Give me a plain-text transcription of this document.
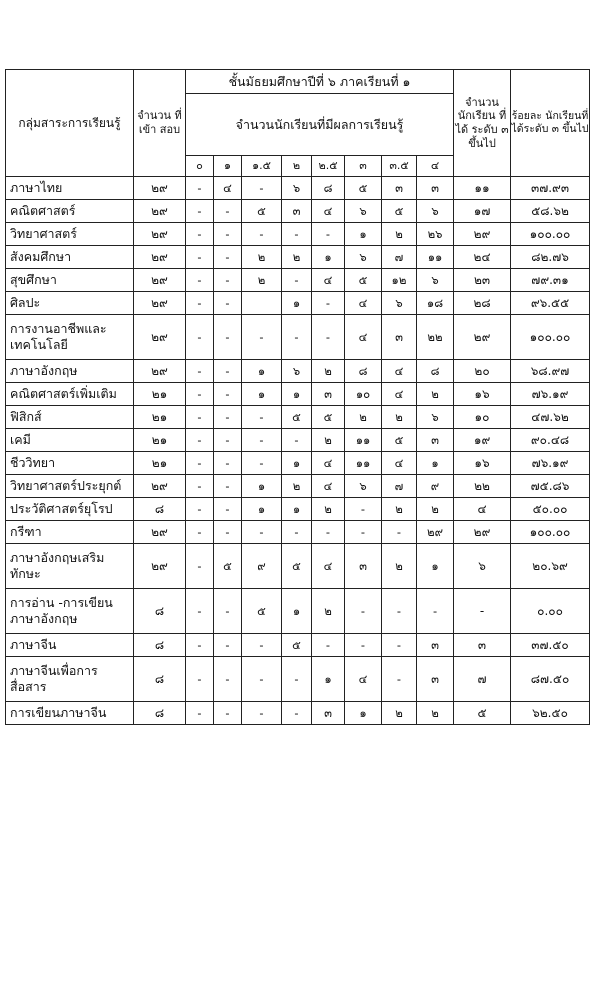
กลุ่มสาระการเรียนรู้	จำนวน ที่เข้า สอบ	ชั้นมัธยมศึกษาปีที่ ๖ ภาคเรียนที่ ๑								จำนวน นักเรียน ที่ได้ ระดับ ๓ ขึ้นไป	ร้อยละ นักเรียนที่ ได้ระดับ ๓ ขึ้นไป
		จำนวนนักเรียนที่มีผลการเรียนรู้									
		๐	๑	๑.๕	๒	๒.๕	๓	๓.๕	๔		
ภาษาไทย	๒๙	-	๔	-	๖	๘	๕	๓	๓	๑๑	๓๗.๙๓
คณิตศาสตร์	๒๙	-	-	๕	๓	๔	๖	๕	๖	๑๗	๕๘.๖๒
วิทยาศาสตร์	๒๙	-	-	-	-	-	๑	๒	๒๖	๒๙	๑๐๐.๐๐
สังคมศึกษา	๒๙	-	-	๒	๒	๑	๖	๗	๑๑	๒๔	๘๒.๗๖
สุขศึกษา	๒๙	-	-	๒	-	๔	๕	๑๒	๖	๒๓	๗๙.๓๑
ศิลปะ	๒๙	-	-		๑	-	๔	๖	๑๘	๒๘	๙๖.๕๕
การงานอาชีพและ เทคโนโลยี	๒๙	-	-	-	-	-	๔	๓	๒๒	๒๙	๑๐๐.๐๐
ภาษาอังกฤษ	๒๙	-	-	๑	๖	๒	๘	๔	๘	๒๐	๖๘.๙๗
คณิตศาสตร์เพิ่มเติม	๒๑	-	-	๑	๑	๓	๑๐	๔	๒	๑๖	๗๖.๑๙
ฟิสิกส์	๒๑	-	-	-	๕	๕	๒	๒	๖	๑๐	๔๗.๖๒
เคมี	๒๑	-	-	-	-	๒	๑๑	๕	๓	๑๙	๙๐.๔๘
ชีววิทยา	๒๑	-	-	-	๑	๔	๑๑	๔	๑	๑๖	๗๖.๑๙
วิทยาศาสตร์ประยุกต์	๒๙	-	-	๑	๒	๔	๖	๗	๙	๒๒	๗๕.๘๖
ประวัติศาสตร์ยุโรป	๘	-	-	๑	๑	๒	-	๒	๒	๔	๕๐.๐๐
กรีฑา	๒๙	-	-	-	-	-	-	-	๒๙	๒๙	๑๐๐.๐๐
ภาษาอังกฤษเสริม ทักษะ	๒๙	-	๕	๙	๕	๔	๓	๒	๑	๖	๒๐.๖๙
การอ่าน -การเขียน ภาษาอังกฤษ	๘	-	-	๕	๑	๒	-	-	-	-	๐.๐๐
ภาษาจีน	๘	-	-	-	๕	-	-	-	๓	๓	๓๗.๕๐
ภาษาจีนเพื่อการ สื่อสาร	๘	-	-	-	-	๑	๔	-	๓	๗	๘๗.๕๐
การเขียนภาษาจีน	๘	-	-	-	-	๓	๑	๒	๒	๕	๖๒.๕๐
